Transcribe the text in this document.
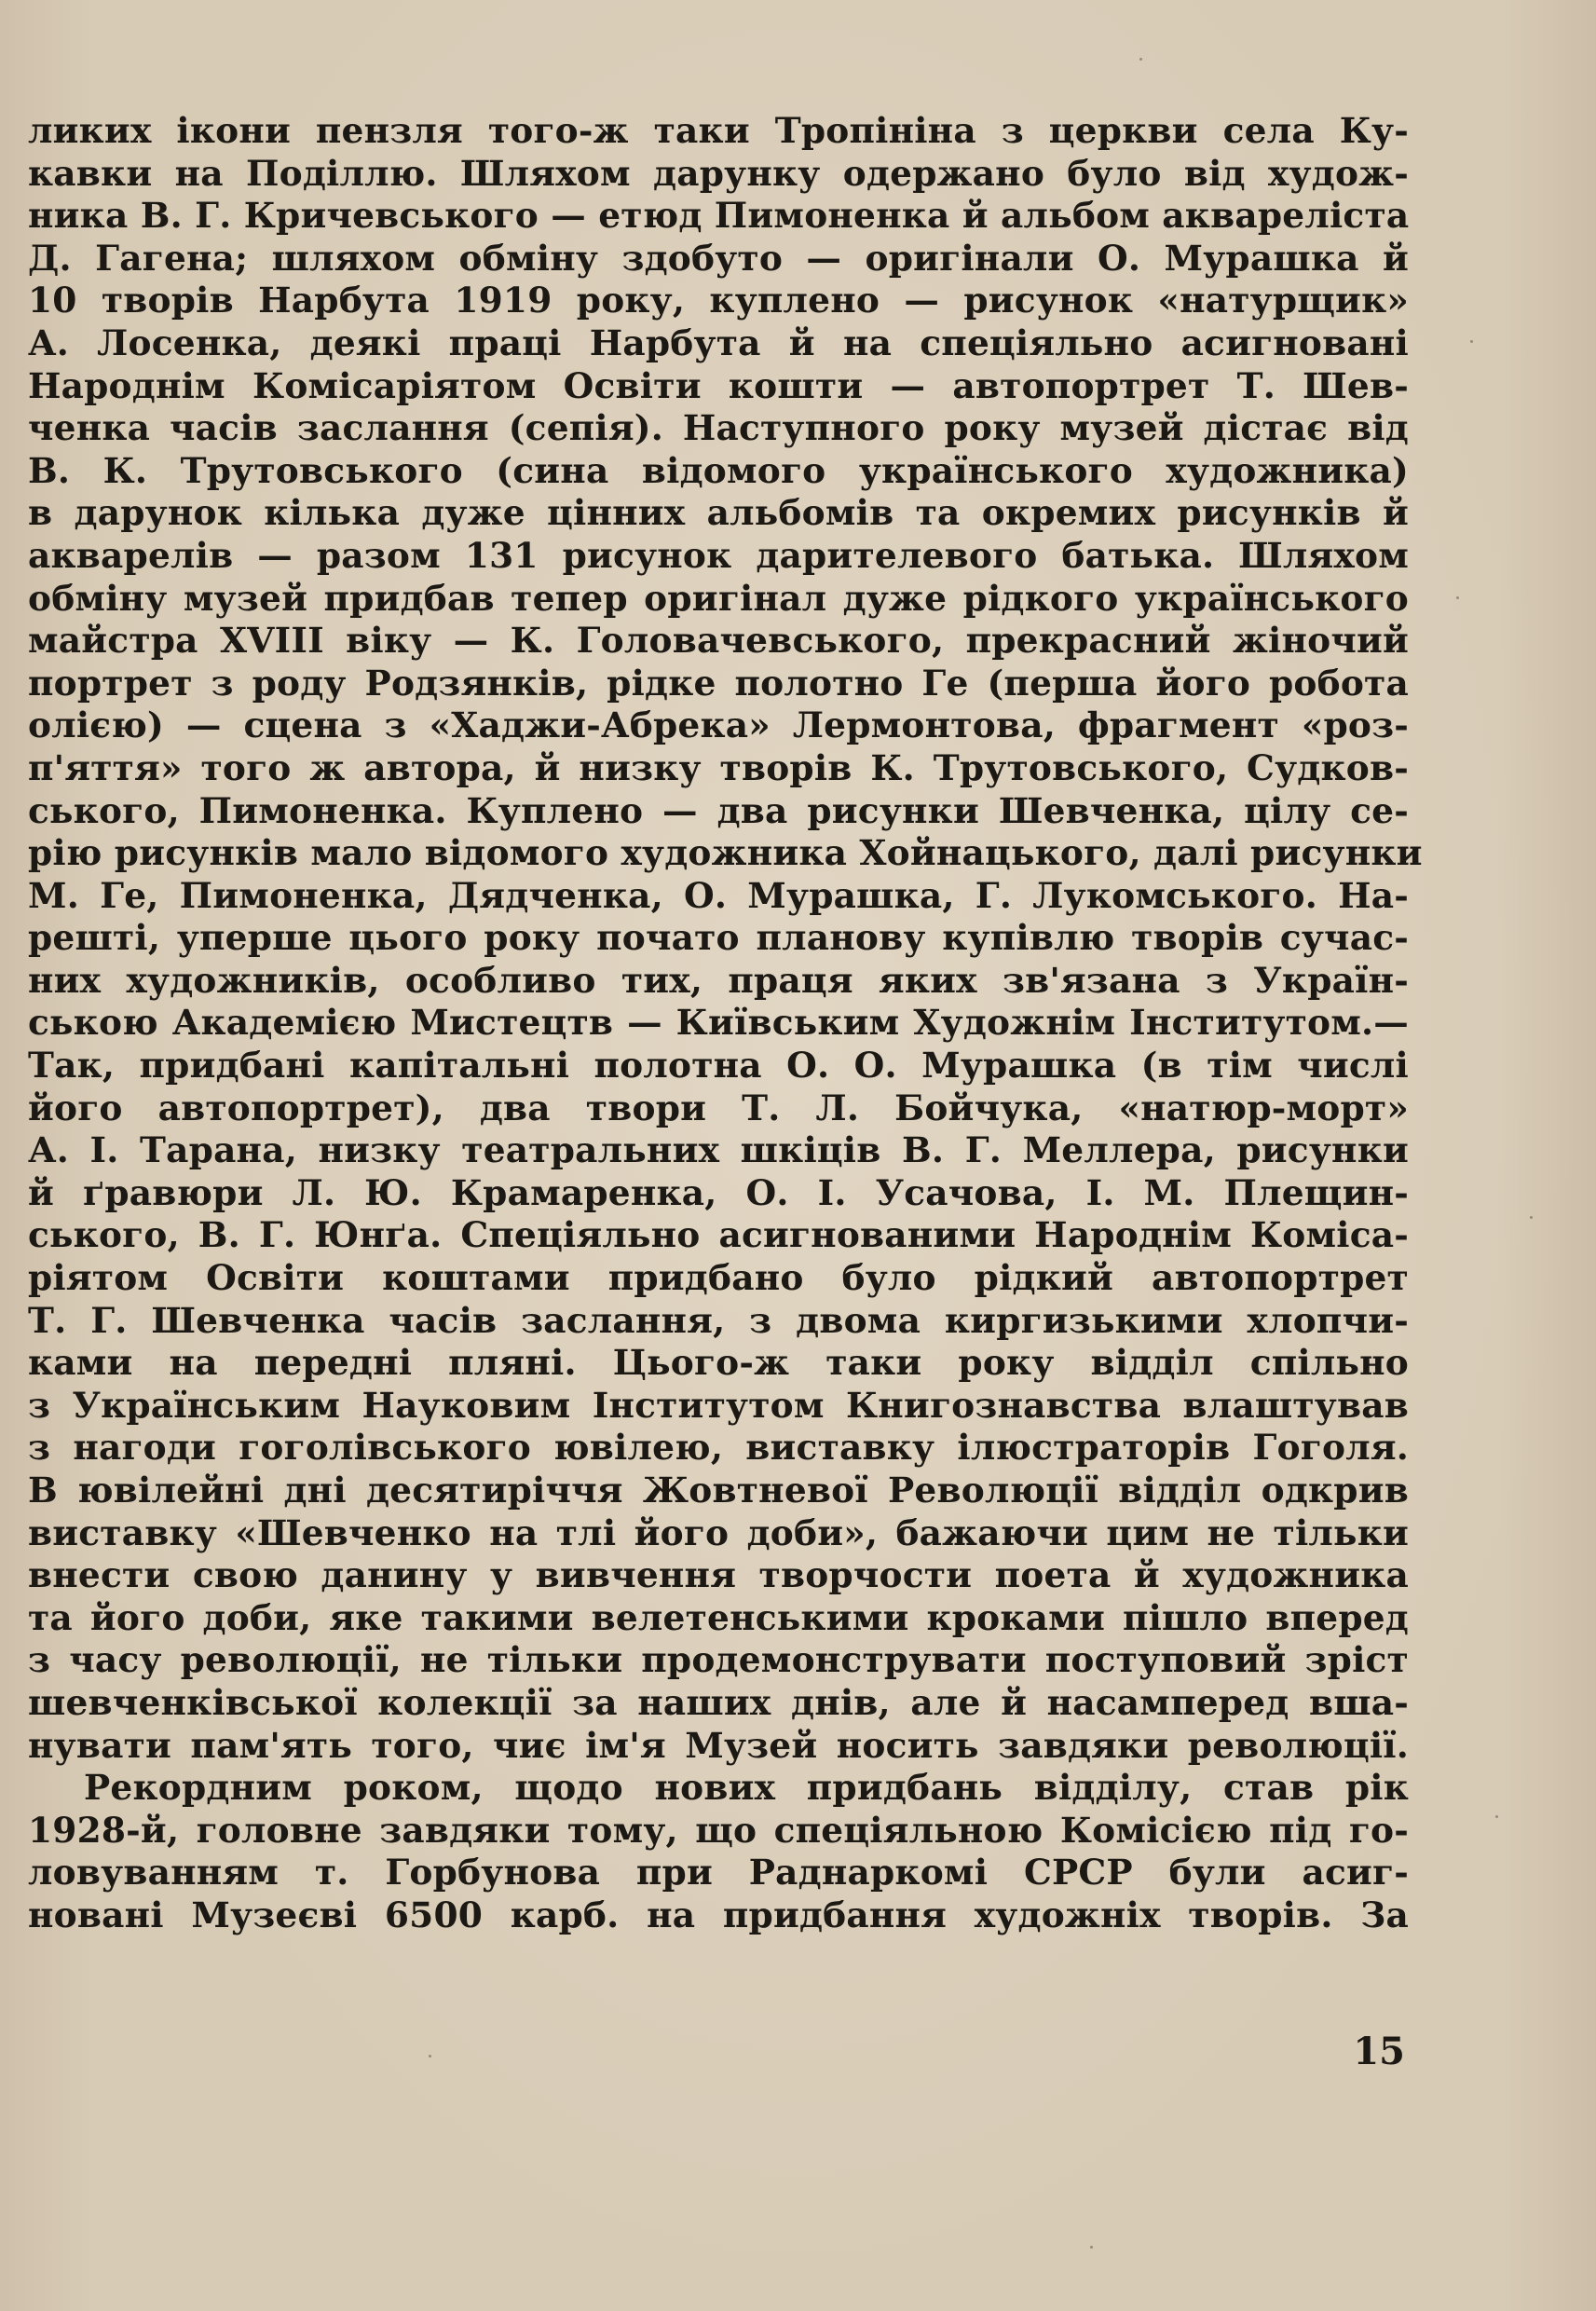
ликих ікони пензля того-ж таки Тропініна з церкви села Ку-
кавки на Поділлю. Шляхом дарунку одержано було від худож-
ника В. Г. Кричевського — етюд Пимоненка й альбом аквареліста
Д. Гагена; шляхом обміну здобуто — оригінали О. Мурашка й
10 творів Нарбута 1919 року, куплено — рисунок «натурщик»
А. Лосенка, деякі праці Нарбута й на спеціяльно асигновані
Народнім Комісаріятом Освіти кошти — автопортрет Т. Шев-
ченка часів заслання (сепія). Наступного року музей дістає від
В. К. Трутовського (сина відомого українського художника)
в дарунок кілька дуже цінних альбомів та окремих рисунків й
акварелів — разом 131 рисунок дарителевого батька. Шляхом
обміну музей придбав тепер оригінал дуже рідкого українського
майстра XVIII віку — К. Головачевського, прекрасний жіночий
портрет з роду Родзянків, рідке полотно Ге (перша його робота
олією) — сцена з «Хаджи-Абрека» Лермонтова, фрагмент «роз-
п'яття» того ж автора, й низку творів К. Трутовського, Судков-
ського, Пимоненка. Куплено — два рисунки Шевченка, цілу се-
рію рисунків мало відомого художника Хойнацького, далі рисунки
М. Ге, Пимоненка, Дядченка, О. Мурашка, Г. Лукомського. На-
решті, уперше цього року почато планову купівлю творів сучас-
них художників, особливо тих, праця яких зв'язана з Україн-
ською Академією Мистецтв — Київським Художнім Інститутом.—
Так, придбані капітальні полотна О. О. Мурашка (в тім числі
його автопортрет), два твори Т. Л. Бойчука, «натюр-морт»
А. І. Тарана, низку театральних шкіців В. Г. Меллера, рисунки
й ґравюри Л. Ю. Крамаренка, О. І. Усачова, І. М. Плещин-
ського, В. Г. Юнґа. Спеціяльно асигнованими Народнім Коміса-
ріятом Освіти коштами придбано було рідкий автопортрет
Т. Г. Шевченка часів заслання, з двома киргизькими хлопчи-
ками на передні пляні. Цього-ж таки року відділ спільно
з Українським Науковим Інститутом Книгознавства влаштував
з нагоди гоголівського ювілею, виставку ілюстраторів Гоголя.
В ювілейні дні десятиріччя Жовтневої Революції відділ одкрив
виставку «Шевченко на тлі його доби», бажаючи цим не тільки
внести свою данину у вивчення творчости поета й художника
та його доби, яке такими велетенськими кроками пішло вперед
з часу революції, не тільки продемонструвати поступовий зріст
шевченківської колекції за наших днів, але й насамперед вша-
нувати пам'ять того, чиє ім'я Музей носить завдяки революції.
Рекордним роком, щодо нових придбань відділу, став рік
1928-й, головне завдяки тому, що спеціяльною Комісією під го-
ловуванням т. Горбунова при Раднаркомі СРСР були асиг-
новані Музеєві 6500 карб. на придбання художніх творів. За
15
